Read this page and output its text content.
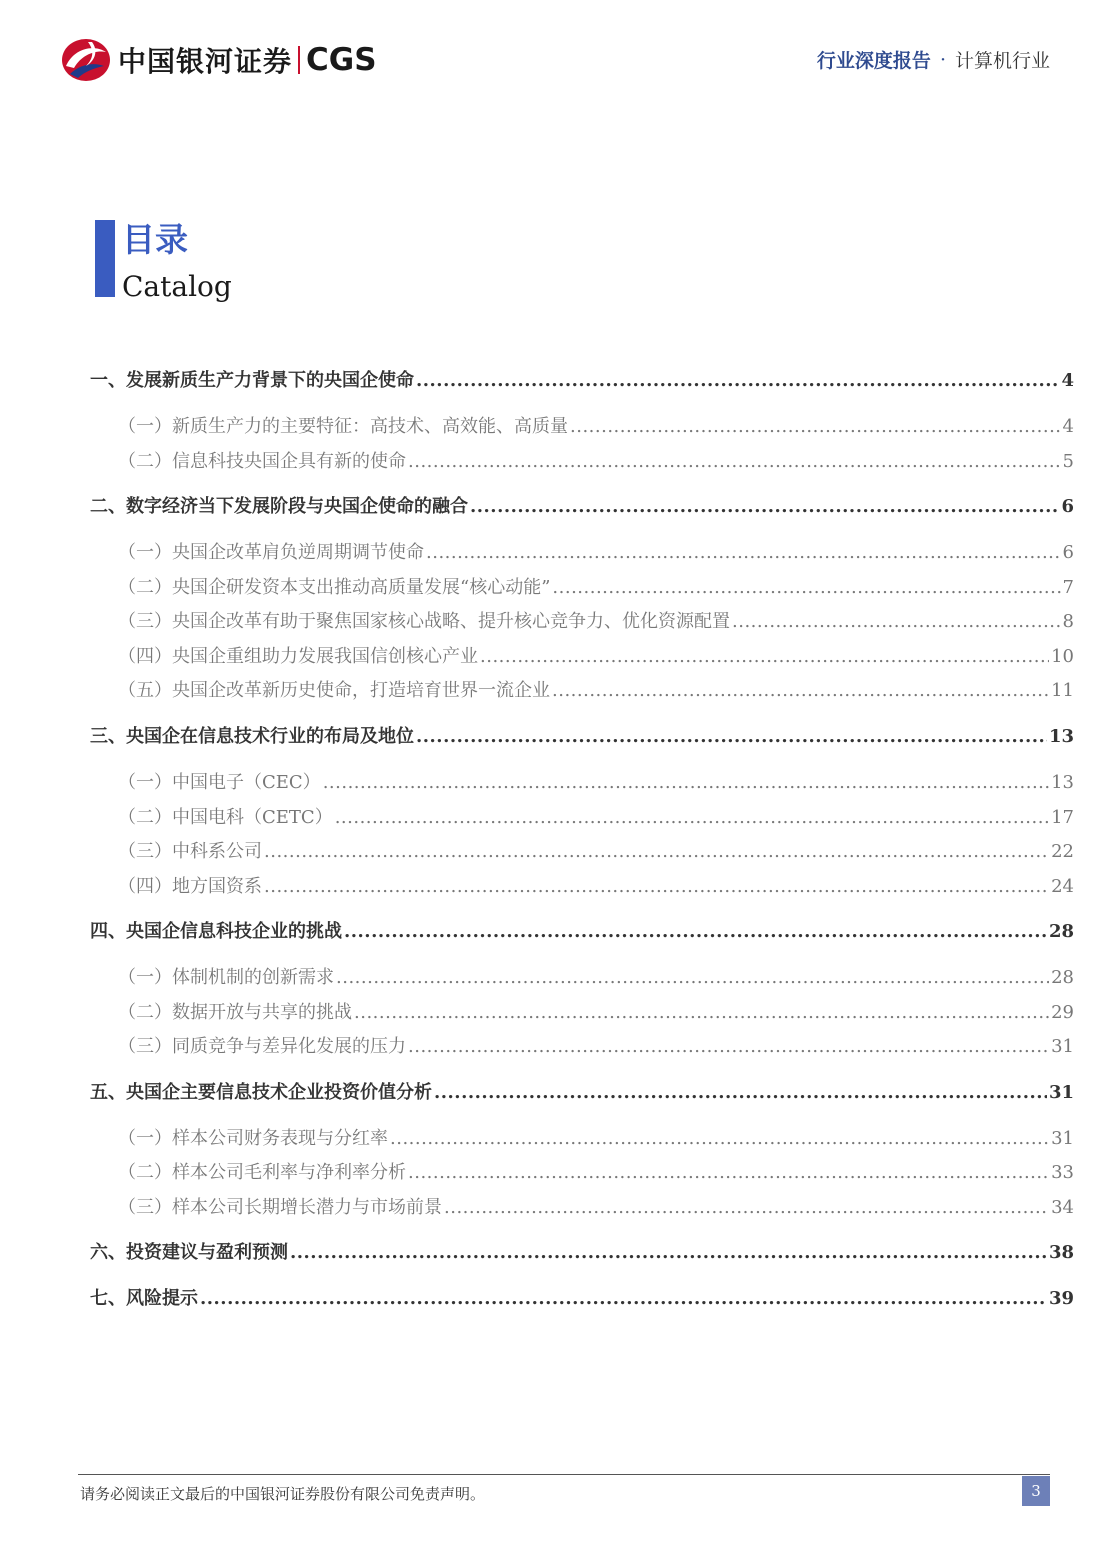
中国银河证券 CGS	行业深度报告 · 计算机行业
目录
Catalog
一、 发展新质生产力背景下的央国企使命 .....	4
（一） 新质生产力的主要特征：高技术、高效能、高质量 .....	4
（二） 信息科技央国企具有新的使命 .....	5
二、 数字经济当下发展阶段与央国企使命的融合 .....	6
（一） 央国企改革肩负逆周期调节使命 .....	6
（二） 央国企研发资本支出推动高质量发展“核心动能” .....	7
（三） 央国企改革有助于聚焦国家核心战略、提升核心竞争力、优化资源配置 .....	8
（四） 央国企重组助力发展我国信创核心产业 .....	10
（五） 央国企改革新历史使命，打造培育世界一流企业 .....	11
三、 央国企在信息技术行业的布局及地位 .....	13
（一） 中国电子（CEC） .....	13
（二） 中国电科（CETC） .....	17
（三） 中科系公司 .....	22
（四） 地方国资系 .....	24
四、 央国企信息科技企业的挑战 .....	28
（一） 体制机制的创新需求 .....	28
（二） 数据开放与共享的挑战 .....	29
（三） 同质竞争与差异化发展的压力 .....	31
五、 央国企主要信息技术企业投资价值分析 .....	31
（一） 样本公司财务表现与分红率 .....	31
（二） 样本公司毛利率与净利率分析 .....	33
（三） 样本公司长期增长潜力与市场前景 .....	34
六、 投资建议与盈利预测 .....	38
七、 风险提示 .....	39
请务必阅读正文最后的中国银河证券股份有限公司免责声明。	3
